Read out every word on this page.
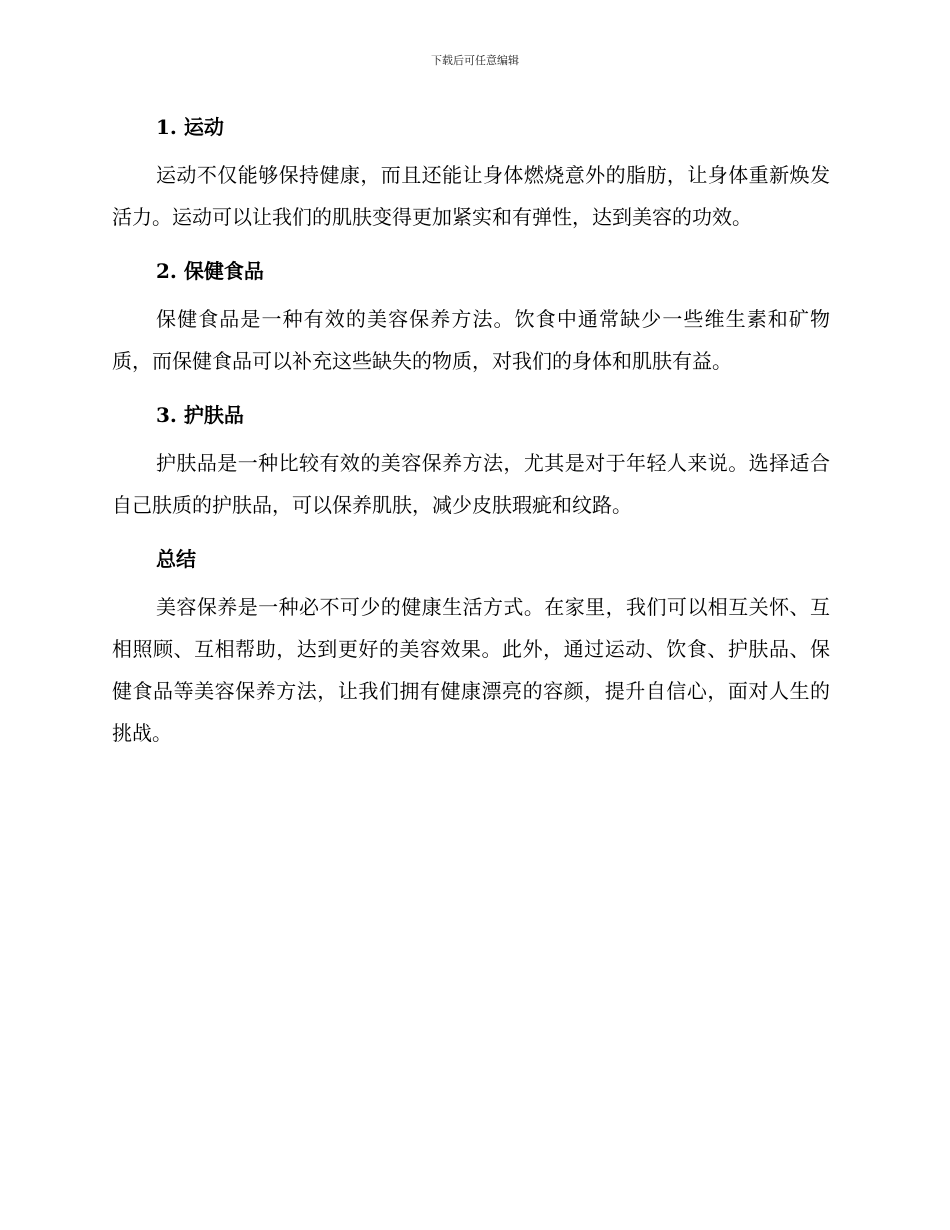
下载后可任意编辑
1. 运动

运动不仅能够保持健康，而且还能让身体燃烧意外的脂肪，让身体重新焕发活力。运动可以让我们的肌肤变得更加紧实和有弹性，达到美容的功效。

2. 保健食品

保健食品是一种有效的美容保养方法。饮食中通常缺少一些维生素和矿物质，而保健食品可以补充这些缺失的物质，对我们的身体和肌肤有益。

3. 护肤品

护肤品是一种比较有效的美容保养方法，尤其是对于年轻人来说。选择适合自己肤质的护肤品，可以保养肌肤，减少皮肤瑕疵和纹路。

总结

美容保养是一种必不可少的健康生活方式。在家里，我们可以相互关怀、互相照顾、互相帮助，达到更好的美容效果。此外，通过运动、饮食、护肤品、保健食品等美容保养方法，让我们拥有健康漂亮的容颜，提升自信心，面对人生的挑战。
